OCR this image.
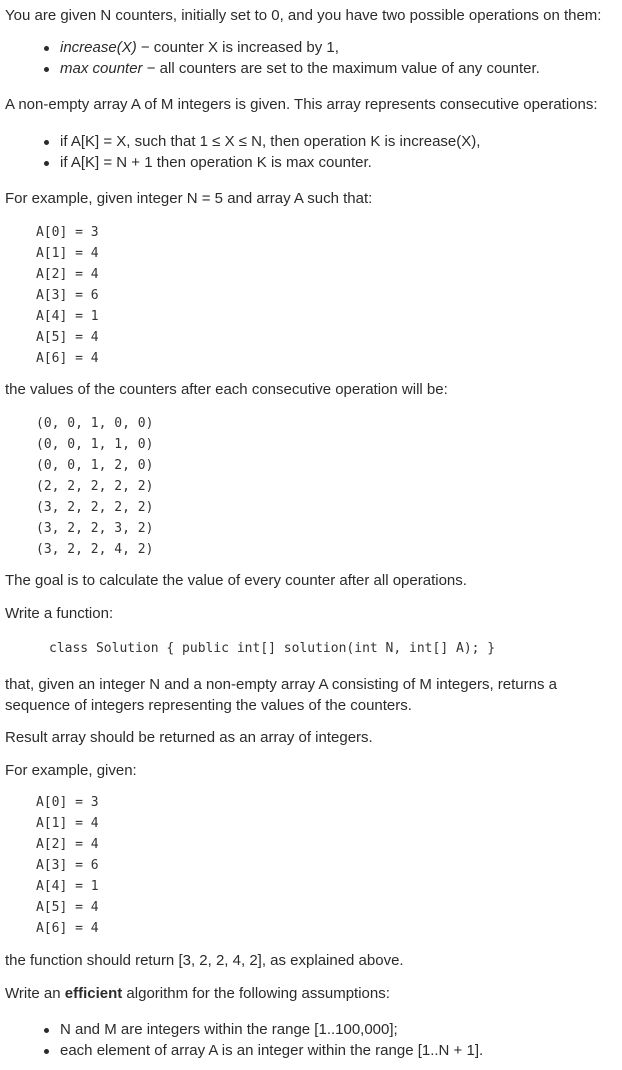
You are given N counters, initially set to 0, and you have two possible operations on them:
increase(X) − counter X is increased by 1,
max counter − all counters are set to the maximum value of any counter.
A non-empty array A of M integers is given. This array represents consecutive operations:
if A[K] = X, such that 1 ≤ X ≤ N, then operation K is increase(X),
if A[K] = N + 1 then operation K is max counter.
For example, given integer N = 5 and array A such that:
A[0] = 3
A[1] = 4
A[2] = 4
A[3] = 6
A[4] = 1
A[5] = 4
A[6] = 4
the values of the counters after each consecutive operation will be:
(0, 0, 1, 0, 0)
(0, 0, 1, 1, 0)
(0, 0, 1, 2, 0)
(2, 2, 2, 2, 2)
(3, 2, 2, 2, 2)
(3, 2, 2, 3, 2)
(3, 2, 2, 4, 2)
The goal is to calculate the value of every counter after all operations.
Write a function:
class Solution { public int[] solution(int N, int[] A); }
that, given an integer N and a non-empty array A consisting of M integers, returns a
sequence of integers representing the values of the counters.
Result array should be returned as an array of integers.
For example, given:
A[0] = 3
A[1] = 4
A[2] = 4
A[3] = 6
A[4] = 1
A[5] = 4
A[6] = 4
the function should return [3, 2, 2, 4, 2], as explained above.
Write an efficient algorithm for the following assumptions:
N and M are integers within the range [1..100,000];
each element of array A is an integer within the range [1..N + 1].
